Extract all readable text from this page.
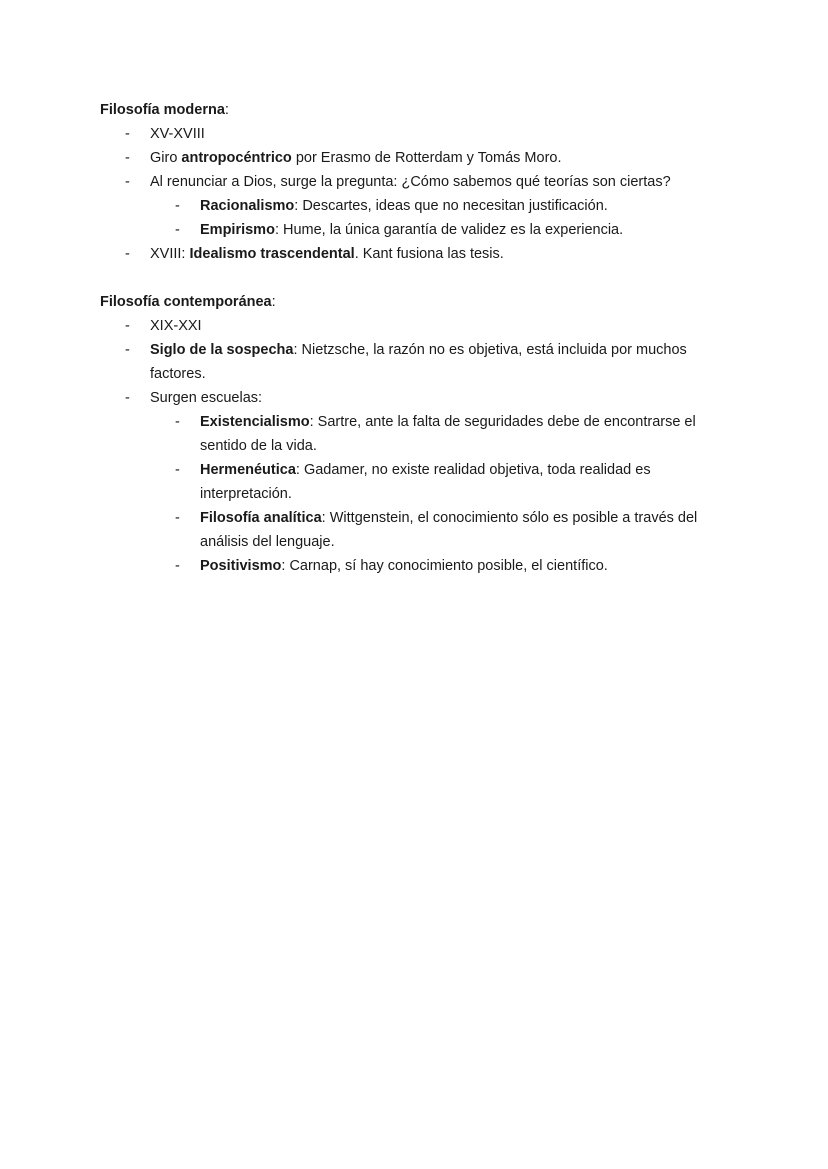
Filosofía moderna:

-	XV-XVIII
-	Giro antropocéntrico por Erasmo de Rotterdam y Tomás Moro.
-	Al renunciar a Dios, surge la pregunta: ¿Cómo sabemos qué teorías son ciertas?
-	Racionalismo: Descartes, ideas que no necesitan justificación.
-	Empirismo: Hume, la única garantía de validez es la experiencia.
-	XVIII: Idealismo trascendental. Kant fusiona las tesis.

Filosofía contemporánea:

-	XIX-XXI
-	Siglo de la sospecha: Nietzsche, la razón no es objetiva, está incluida por muchos factores.
-	Surgen escuelas:
-	Existencialismo: Sartre, ante la falta de seguridades debe de encontrarse el sentido de la vida.
-	Hermenéutica: Gadamer, no existe realidad objetiva, toda realidad es interpretación.
-	Filosofía analítica: Wittgenstein, el conocimiento sólo es posible a través del análisis del lenguaje.
-	Positivismo: Carnap, sí hay conocimiento posible, el científico.
